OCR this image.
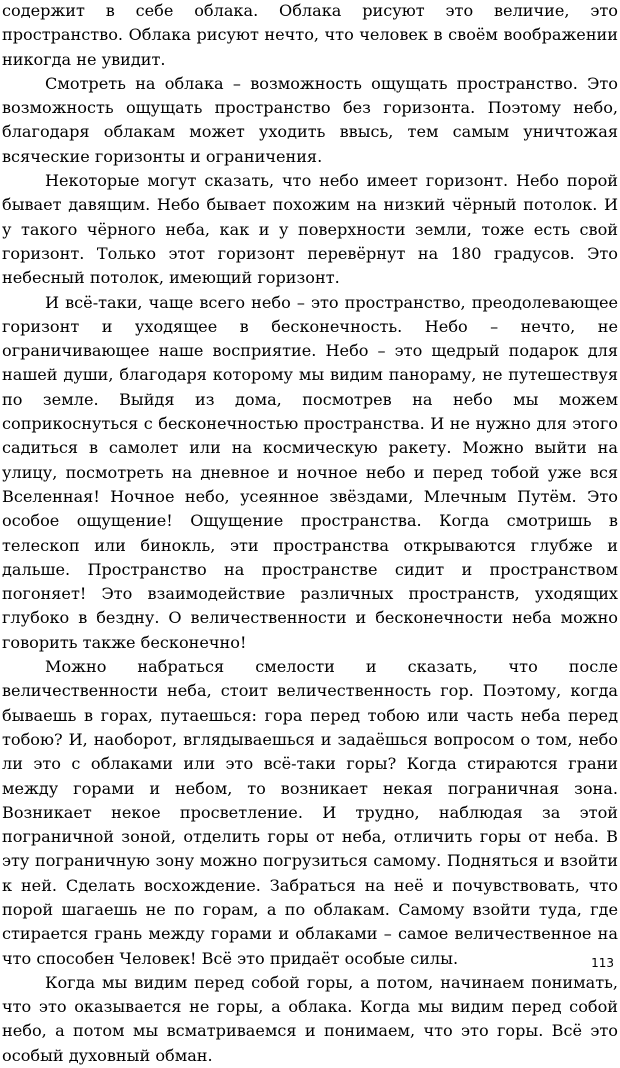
содержит в себе облака. Облака рисуют это величие, это пространство. Облака рисуют нечто, что человек в своём воображении никогда не увидит.

Смотреть на облака – возможность ощущать пространство. Это возможность ощущать пространство без горизонта. Поэтому небо, благодаря облакам может уходить ввысь, тем самым уничтожая всяческие горизонты и ограничения.

Некоторые могут сказать, что небо имеет горизонт. Небо порой бывает давящим. Небо бывает похожим на низкий чёрный потолок. И у такого чёрного неба, как и у поверхности земли, тоже есть свой горизонт. Только этот горизонт перевёрнут на 180 градусов. Это небесный потолок, имеющий горизонт.

И всё-таки, чаще всего небо – это пространство, преодолевающее горизонт и уходящее в бесконечность. Небо – нечто, не ограничивающее наше восприятие. Небо – это щедрый подарок для нашей души, благодаря которому мы видим панораму, не путешествуя по земле. Выйдя из дома, посмотрев на небо мы можем соприкоснуться с бесконечностью пространства. И не нужно для этого садиться в самолет или на космическую ракету. Можно выйти на улицу, посмотреть на дневное и ночное небо и перед тобой уже вся Вселенная! Ночное небо, усеянное звёздами, Млечным Путём. Это особое ощущение! Ощущение пространства. Когда смотришь в телескоп или бинокль, эти пространства открываются глубже и дальше. Пространство на пространстве сидит и пространством погоняет! Это взаимодействие различных пространств, уходящих глубоко в бездну. О величественности и бесконечности неба можно говорить также бесконечно!

Можно набраться смелости и сказать, что после величественности неба, стоит величественность гор. Поэтому, когда бываешь в горах, путаешься: гора перед тобою или часть неба перед тобою? И, наоборот, вглядываешься и задаёшься вопросом о том, небо ли это с облаками или это всё-таки горы? Когда стираются грани между горами и небом, то возникает некая пограничная зона. Возникает некое просветление. И трудно, наблюдая за этой пограничной зоной, отделить горы от неба, отличить горы от неба. В эту пограничную зону можно погрузиться самому. Подняться и взойти к ней. Сделать восхождение. Забраться на неё и почувствовать, что порой шагаешь не по горам, а по облакам. Самому взойти туда, где стирается грань между горами и облаками – самое величественное на что способен Человек! Всё это придаёт особые силы.

Когда мы видим перед собой горы, а потом, начинаем понимать, что это оказывается не горы, а облака. Когда мы видим перед собой небо, а потом мы всматриваемся и понимаем, что это горы. Всё это особый духовный обман.

113
